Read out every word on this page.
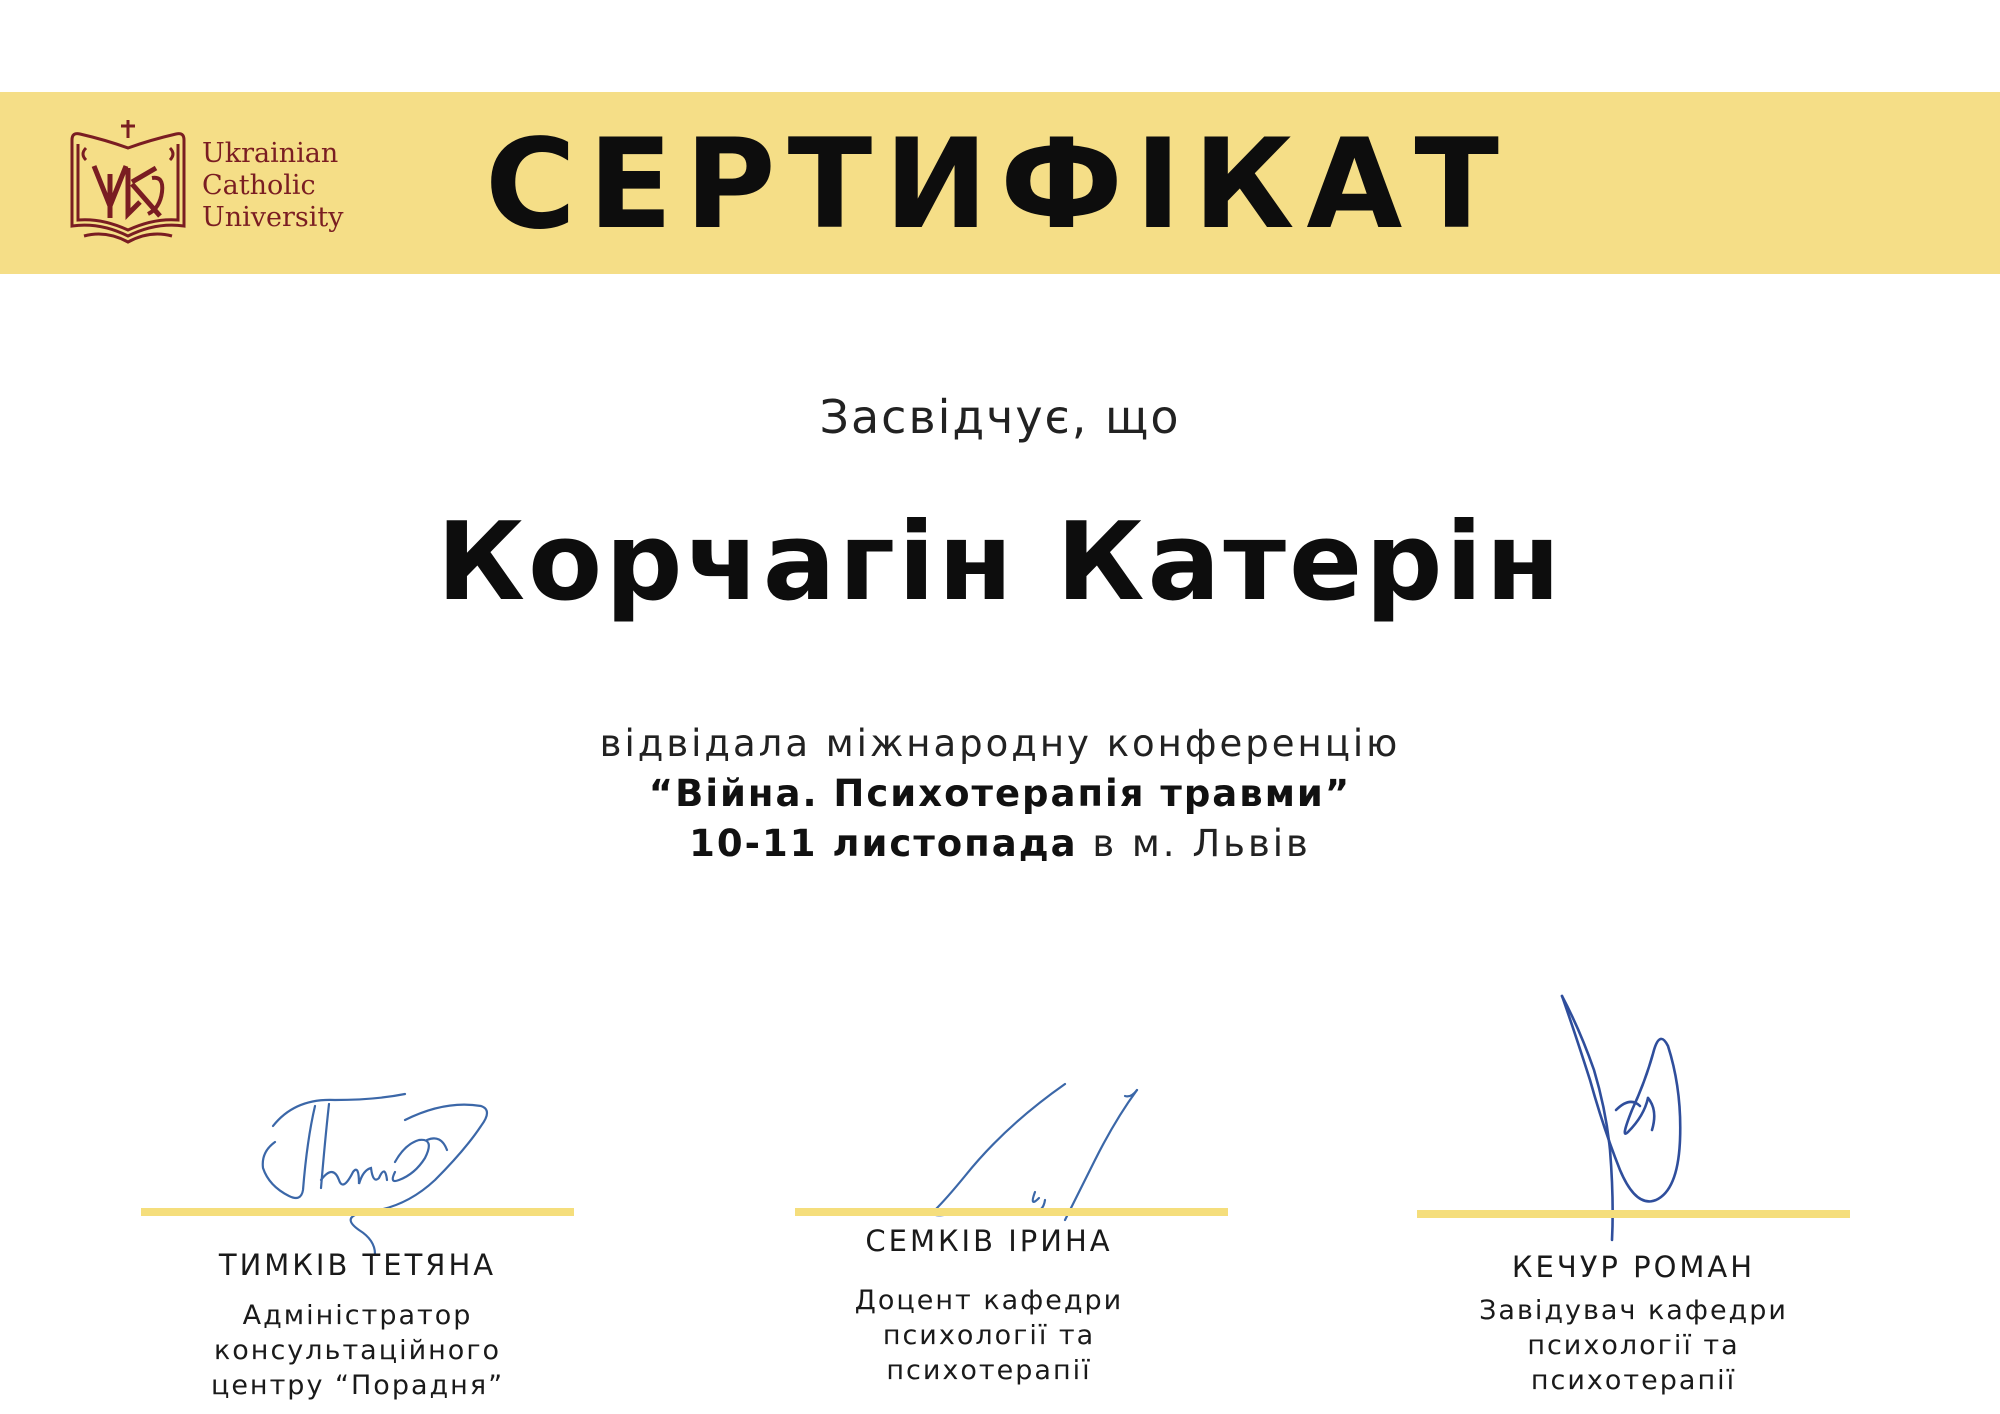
Ukrainian
Catholic
University	СЕРТИФІКАТ
Засвідчує, що
Корчагін Катерін
відвідала міжнародну конференцію
“Війна. Психотерапія травми”
10-11 листопада в м. Львів
ТИМКІВ ТЕТЯНА
Адміністратор
консультаційного
центру “Порадня”
СЕМКІВ ІРИНА
Доцент кафедри
психології та
психотерапії
КЕЧУР РОМАН
Завідувач кафедри
психології та
психотерапії
